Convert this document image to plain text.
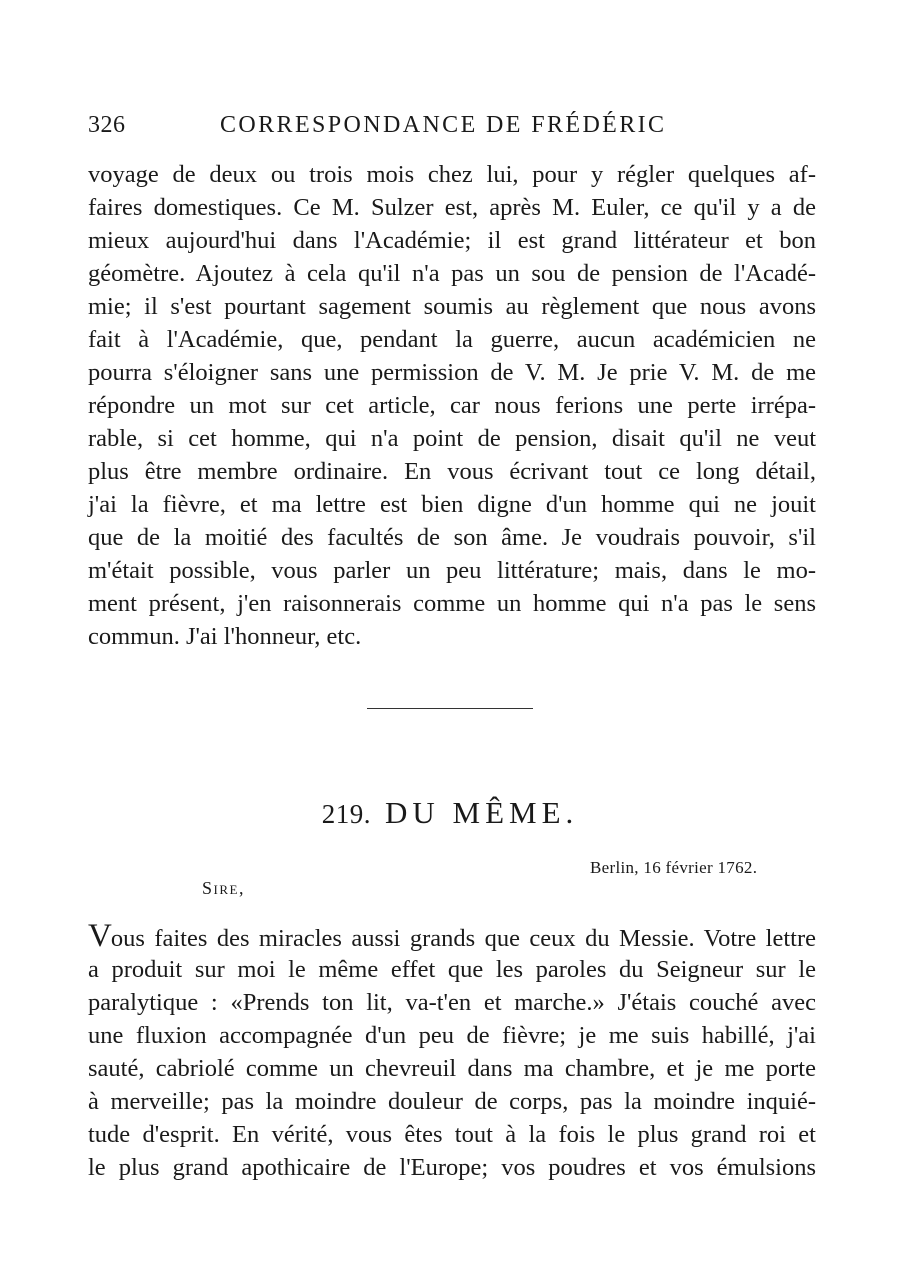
326	CORRESPONDANCE DE FRÉDÉRIC
voyage de deux ou trois mois chez lui, pour y régler quelques af-
faires domestiques. Ce M. Sulzer est, après M. Euler, ce qu'il y a de
mieux aujourd'hui dans l'Académie; il est grand littérateur et bon
géomètre. Ajoutez à cela qu'il n'a pas un sou de pension de l'Acadé-
mie; il s'est pourtant sagement soumis au règlement que nous avons
fait à l'Académie, que, pendant la guerre, aucun académicien ne
pourra s'éloigner sans une permission de V. M. Je prie V. M. de me
répondre un mot sur cet article, car nous ferions une perte irrépa-
rable, si cet homme, qui n'a point de pension, disait qu'il ne veut
plus être membre ordinaire. En vous écrivant tout ce long détail,
j'ai la fièvre, et ma lettre est bien digne d'un homme qui ne jouit
que de la moitié des facultés de son âme. Je voudrais pouvoir, s'il
m'était possible, vous parler un peu littérature; mais, dans le mo-
ment présent, j'en raisonnerais comme un homme qui n'a pas le sens
commun. J'ai l'honneur, etc.
219. DU MÊME.
Berlin, 16 février 1762.
Sire,
Vous faites des miracles aussi grands que ceux du Messie. Votre lettre
a produit sur moi le même effet que les paroles du Seigneur sur le
paralytique : «Prends ton lit, va-t'en et marche.» J'étais couché avec
une fluxion accompagnée d'un peu de fièvre; je me suis habillé, j'ai
sauté, cabriolé comme un chevreuil dans ma chambre, et je me porte
à merveille; pas la moindre douleur de corps, pas la moindre inquié-
tude d'esprit. En vérité, vous êtes tout à la fois le plus grand roi et
le plus grand apothicaire de l'Europe; vos poudres et vos émulsions
